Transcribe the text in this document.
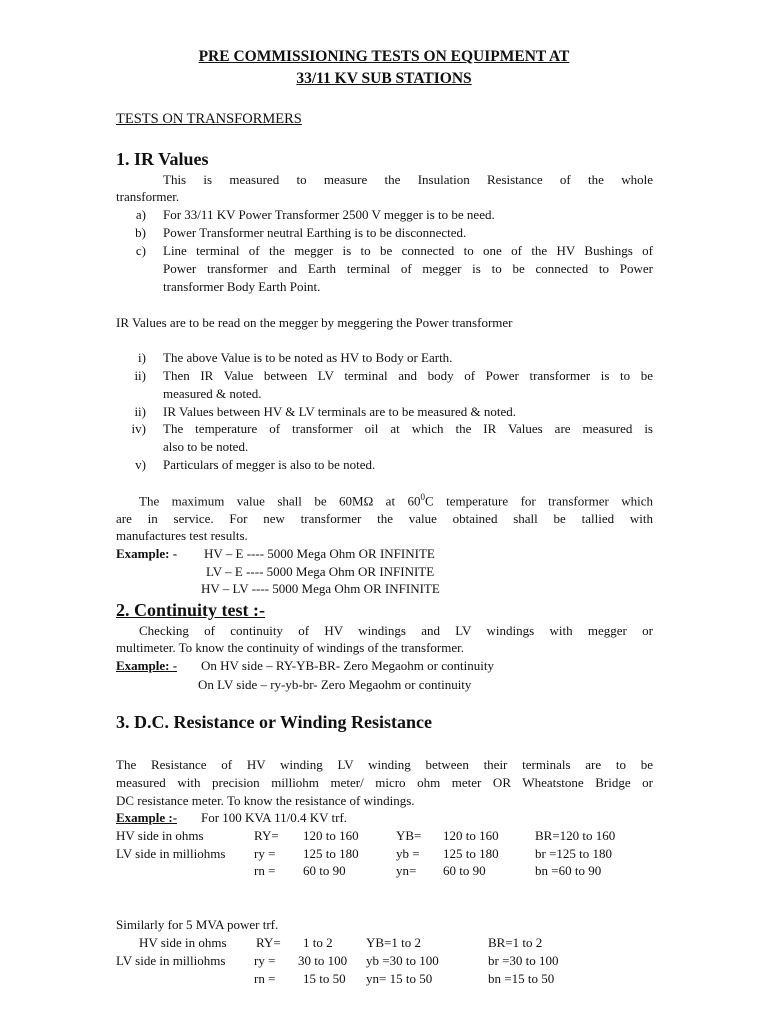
PRE COMMISSIONING TESTS ON EQUIPMENT AT
33/11 KV SUB STATIONS
TESTS ON TRANSFORMERS
1. IR Values
This is measured to measure the Insulation Resistance of the whole
transformer.
a) For 33/11 KV Power Transformer 2500 V megger is to be need.
b) Power Transformer neutral Earthing is to be disconnected.
c) Line terminal of the megger is to be connected to one of the HV Bushings of
Power transformer and Earth terminal of megger is to be connected to Power
transformer Body Earth Point.
IR Values are to be read on the megger by meggering the Power transformer
i) The above Value is to be noted as HV to Body or Earth.
ii) Then IR Value between LV terminal and body of Power transformer is to be
measured & noted.
ii) IR Values between HV & LV terminals are to be measured & noted.
iv) The temperature of transformer oil at which the IR Values are measured is
also to be noted.
v) Particulars of megger is also to be noted.
The maximum value shall be 60MΩ at $60^0C$ temperature for transformer which
are in service. For new transformer the value obtained shall be tallied with
manufactures test results.
Example: - HV – E ---- 5000 Mega Ohm OR INFINITE
LV – E ---- 5000 Mega Ohm OR INFINITE
HV – LV ---- 5000 Mega Ohm OR INFINITE
2. Continuity test :-
Checking of continuity of HV windings and LV windings with megger or
multimeter. To know the continuity of windings of the transformer.
Example: - On HV side – RY-YB-BR- Zero Megaohm or continuity
On LV side – ry-yb-br- Zero Megaohm or continuity
3. D.C. Resistance or Winding Resistance
The Resistance of HV winding LV winding between their terminals are to be
measured with precision milliohm meter/ micro ohm meter OR Wheatstone Bridge or
DC resistance meter. To know the resistance of windings.
Example :- For 100 KVA 11/0.4 KV trf.
HV side in ohms	RY= 120 to 160	YB= 120 to 160	BR=120 to 160
LV side in milliohms ry = 125 to 180	yb = 125 to 180	br =125 to 180
rn = 60 to 90	yn= 60 to 90	bn =60 to 90
Similarly for 5 MVA power trf.
HV side in ohms RY= 1 to 2	YB=1 to 2	BR=1 to 2
LV side in milliohms ry = 30 to 100 yb =30 to 100	br =30 to 100
rn = 15 to 50 yn= 15 to 50	bn =15 to 50
